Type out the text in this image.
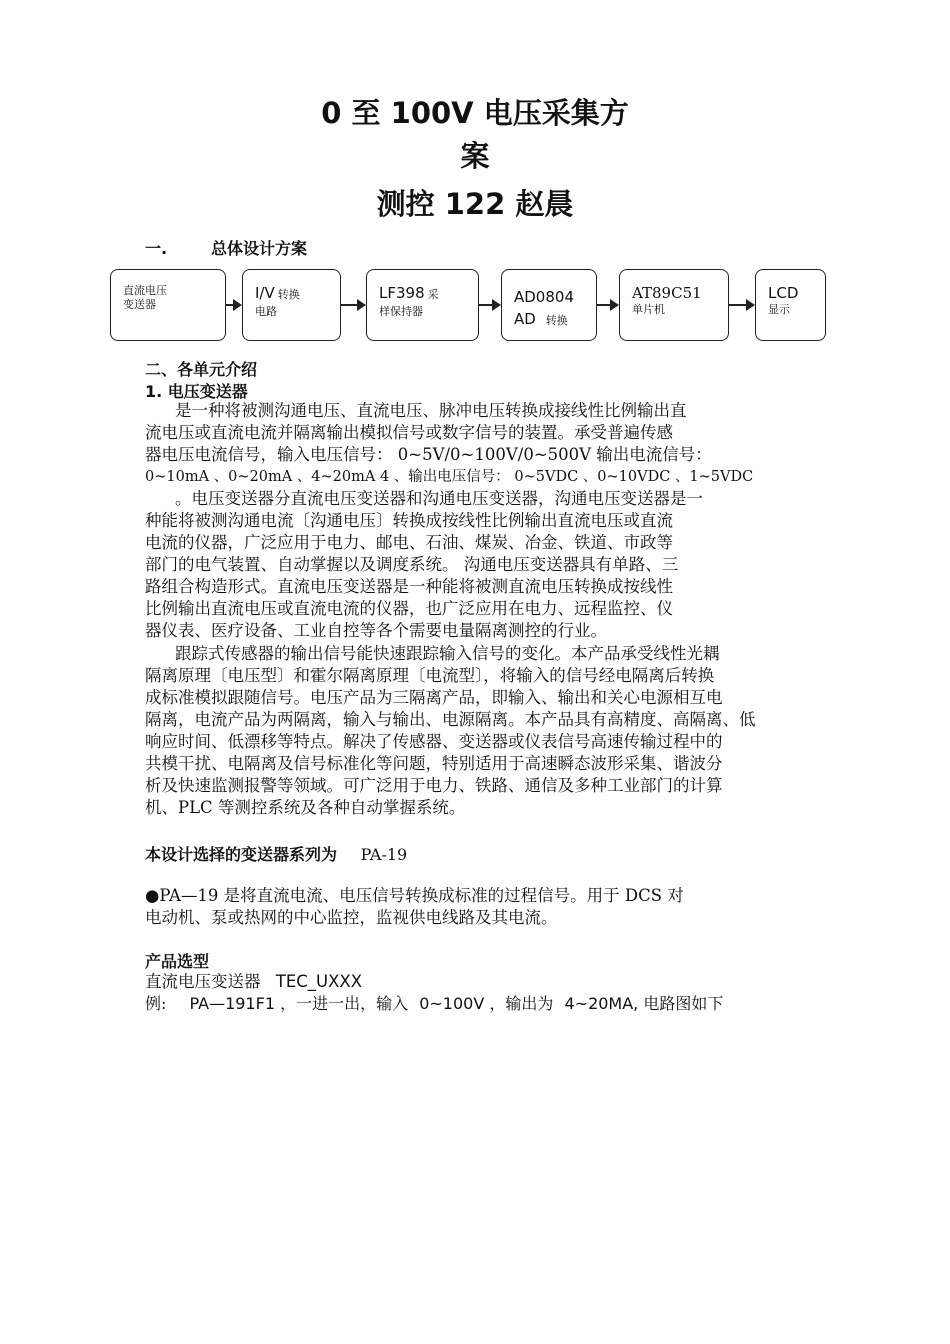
0 至 100V 电压采集方
案
测控 122 赵晨

一.	总体设计方案

直流电压
变送器
I/V 转换
电路
LF398 采
样保持器
AD0804
AD 转换
AT89C51
单片机
LCD
显示

二、各单元介绍

1. 电压变送器

是一种将被测沟通电压、直流电压、脉冲电压转换成接线性比例输出直
流电压或直流电流并隔离输出模拟信号或数字信号的装置。承受普遍传感
器电压电流信号，输入电压信号： 0~5V/0~100V/0~500V 输出电流信号：
0~10mA 、0~20mA 、4~20mA 4 、输出电压信号： 0~5VDC 、0~10VDC 、1~5VDC
。电压变送器分直流电压变送器和沟通电压变送器，沟通电压变送器是一
种能将被测沟通电流〔沟通电压〕转换成按线性比例输出直流电压或直流
电流的仪器，广泛应用于电力、邮电、石油、煤炭、冶金、铁道、市政等
部门的电气装置、自动掌握以及调度系统。 沟通电压变送器具有单路、三
路组合构造形式。直流电压变送器是一种能将被测直流电压转换成按线性
比例输出直流电压或直流电流的仪器，也广泛应用在电力、远程监控、仪
器仪表、医疗设备、工业自控等各个需要电量隔离测控的行业。
跟踪式传感器的输出信号能快速跟踪输入信号的变化。本产品承受线性光耦
隔离原理〔电压型〕和霍尔隔离原理〔电流型〕，将输入的信号经电隔离后转换
成标准模拟跟随信号。电压产品为三隔离产品，即输入、输出和关心电源相互电
隔离，电流产品为两隔离，输入与输出、电源隔离。本产品具有高精度、高隔离、低
响应时间、低漂移等特点。解决了传感器、变送器或仪表信号高速传输过程中的
共模干扰、电隔离及信号标准化等问题，特别适用于高速瞬态波形采集、谐波分
析及快速监测报警等领域。可广泛用于电力、铁路、通信及多种工业部门的计算
机、PLC 等测控系统及各种自动掌握系统。

本设计选择的变送器系列为 PA-19

●PA—19 是将直流电流、电压信号转换成标准的过程信号。用于 DCS 对
电动机、泵或热网的中心监控，监视供电线路及其电流。

产品选型

直流电压变送器 TEC_UXXX
例: PA—191F1 ，一进一出，输入 0~100V ，输出为 4~20MA, 电路图如下
